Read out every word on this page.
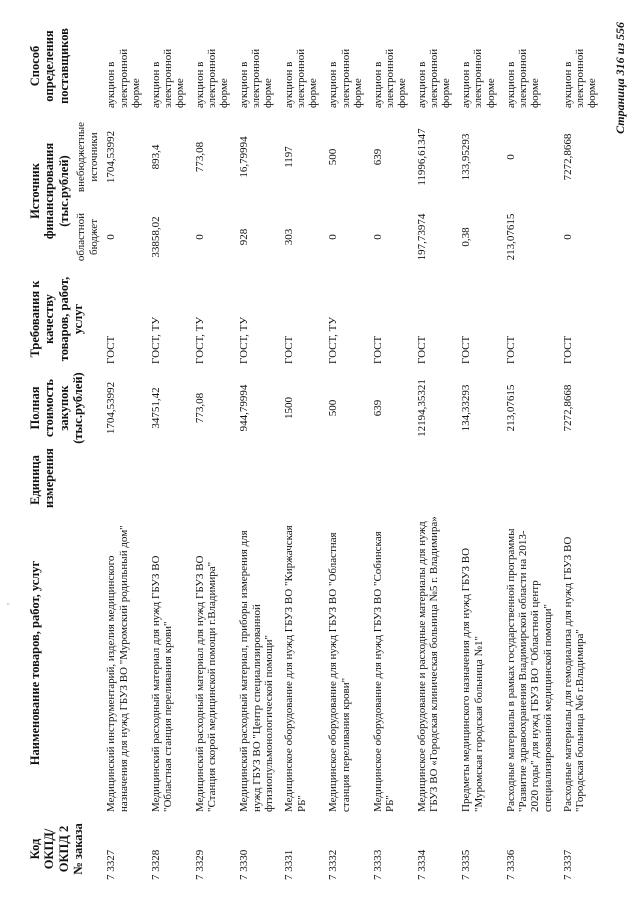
Код ОКПД/ ОКПД 2 № заказа	Наименование товаров, работ, услуг	Единица измерения	Полная стоимость закупок (тыс.рублей)	Требования к качеству товаров, работ, услуг	Источник финансирования (тыс.рублей)		Способ определения поставщиков
					областной бюджет	внебюджетные источники	
7 3327	Медицинский инструментарий, изделия медицинского назначения для нужд ГБУЗ ВО "Муромский родильный дом"		1704,53992	ГОСТ	0	1704,53992	аукцион в электронной форме
7 3328	Медицинский расходный материал для нужд ГБУЗ ВО "Областная станция переливания крови"		34751,42	ГОСТ, ТУ	33858,02	893,4	аукцион в электронной форме
7 3329	Медицинский расходный материал для нужд ГБУЗ ВО "Станция скорой медицинской помощи г.Владимира"		773,08	ГОСТ, ТУ	0	773,08	аукцион в электронной форме
7 3330	Медицинский расходный материал, приборы измерения для нужд ГБУЗ ВО "Центр специализированной фтизиопульмонологической помощи"		944,79994	ГОСТ, ТУ	928	16,79994	аукцион в электронной форме
7 3331	Медицинское оборудование для нужд ГБУЗ ВО "Киржачская РБ"		1500	ГОСТ	303	1197	аукцион в электронной форме
7 3332	Медицинское оборудование для нужд ГБУЗ ВО "Областная станция переливания крови"		500	ГОСТ, ТУ	0	500	аукцион в электронной форме
7 3333	Медицинское оборудование для нужд ГБУЗ ВО "Собинская РБ"		639	ГОСТ	0	639	аукцион в электронной форме
7 3334	Медицинское оборудование и расходные материалы для нужд ГБУЗ ВО «Городская клиническая больница №5 г. Владимира»		12194,35321	ГОСТ	197,73974	11996,61347	аукцион в электронной форме
7 3335	Предметы медицинского назначения для нужд ГБУЗ ВО "Муромская городская больница №1"		134,33293	ГОСТ	0,38	133,95293	аукцион в электронной форме
7 3336	Расходные материалы в рамках государственной программы "Развитие здравоохранения Владимирской области на 2013-2020 годы" для нужд ГБУЗ ВО "Областной центр специализированной медицинской помощи"		213,07615	ГОСТ	213,07615	0	аукцион в электронной форме
7 3337	Расходные материалы для гемодиализа для нужд ГБУЗ ВО "Городская больница №6 г.Владимира"		7272,8668	ГОСТ	0	7272,8668	аукцион в электронной форме
'
Страница 316 из 556
